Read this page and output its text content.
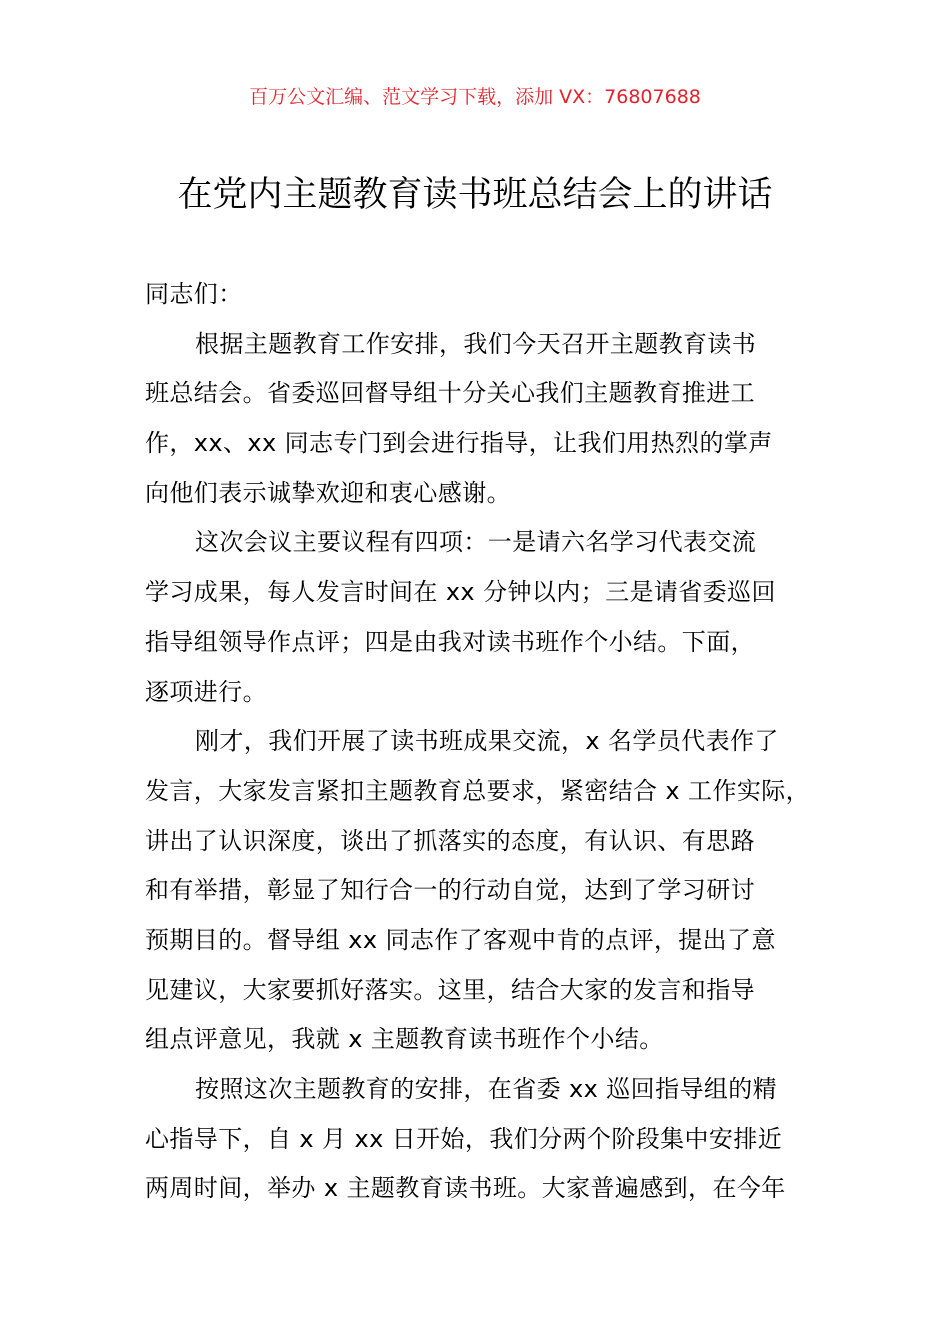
百万公文汇编、范文学习下载，添加 VX：76807688
在党内主题教育读书班总结会上的讲话
同志们：
根据主题教育工作安排，我们今天召开主题教育读书
班总结会。省委巡回督导组十分关心我们主题教育推进工
作，xx、xx 同志专门到会进行指导，让我们用热烈的掌声
向他们表示诚挚欢迎和衷心感谢。
这次会议主要议程有四项：一是请六名学习代表交流
学习成果，每人发言时间在 xx 分钟以内；三是请省委巡回
指导组领导作点评；四是由我对读书班作个小结。下面，
逐项进行。
刚才，我们开展了读书班成果交流，x 名学员代表作了
发言，大家发言紧扣主题教育总要求，紧密结合 x 工作实际，
讲出了认识深度，谈出了抓落实的态度，有认识、有思路
和有举措，彰显了知行合一的行动自觉，达到了学习研讨
预期目的。督导组 xx 同志作了客观中肯的点评，提出了意
见建议，大家要抓好落实。这里，结合大家的发言和指导
组点评意见，我就 x 主题教育读书班作个小结。
按照这次主题教育的安排，在省委 xx 巡回指导组的精
心指导下，自 x 月 xx 日开始，我们分两个阶段集中安排近
两周时间，举办 x 主题教育读书班。大家普遍感到，在今年
